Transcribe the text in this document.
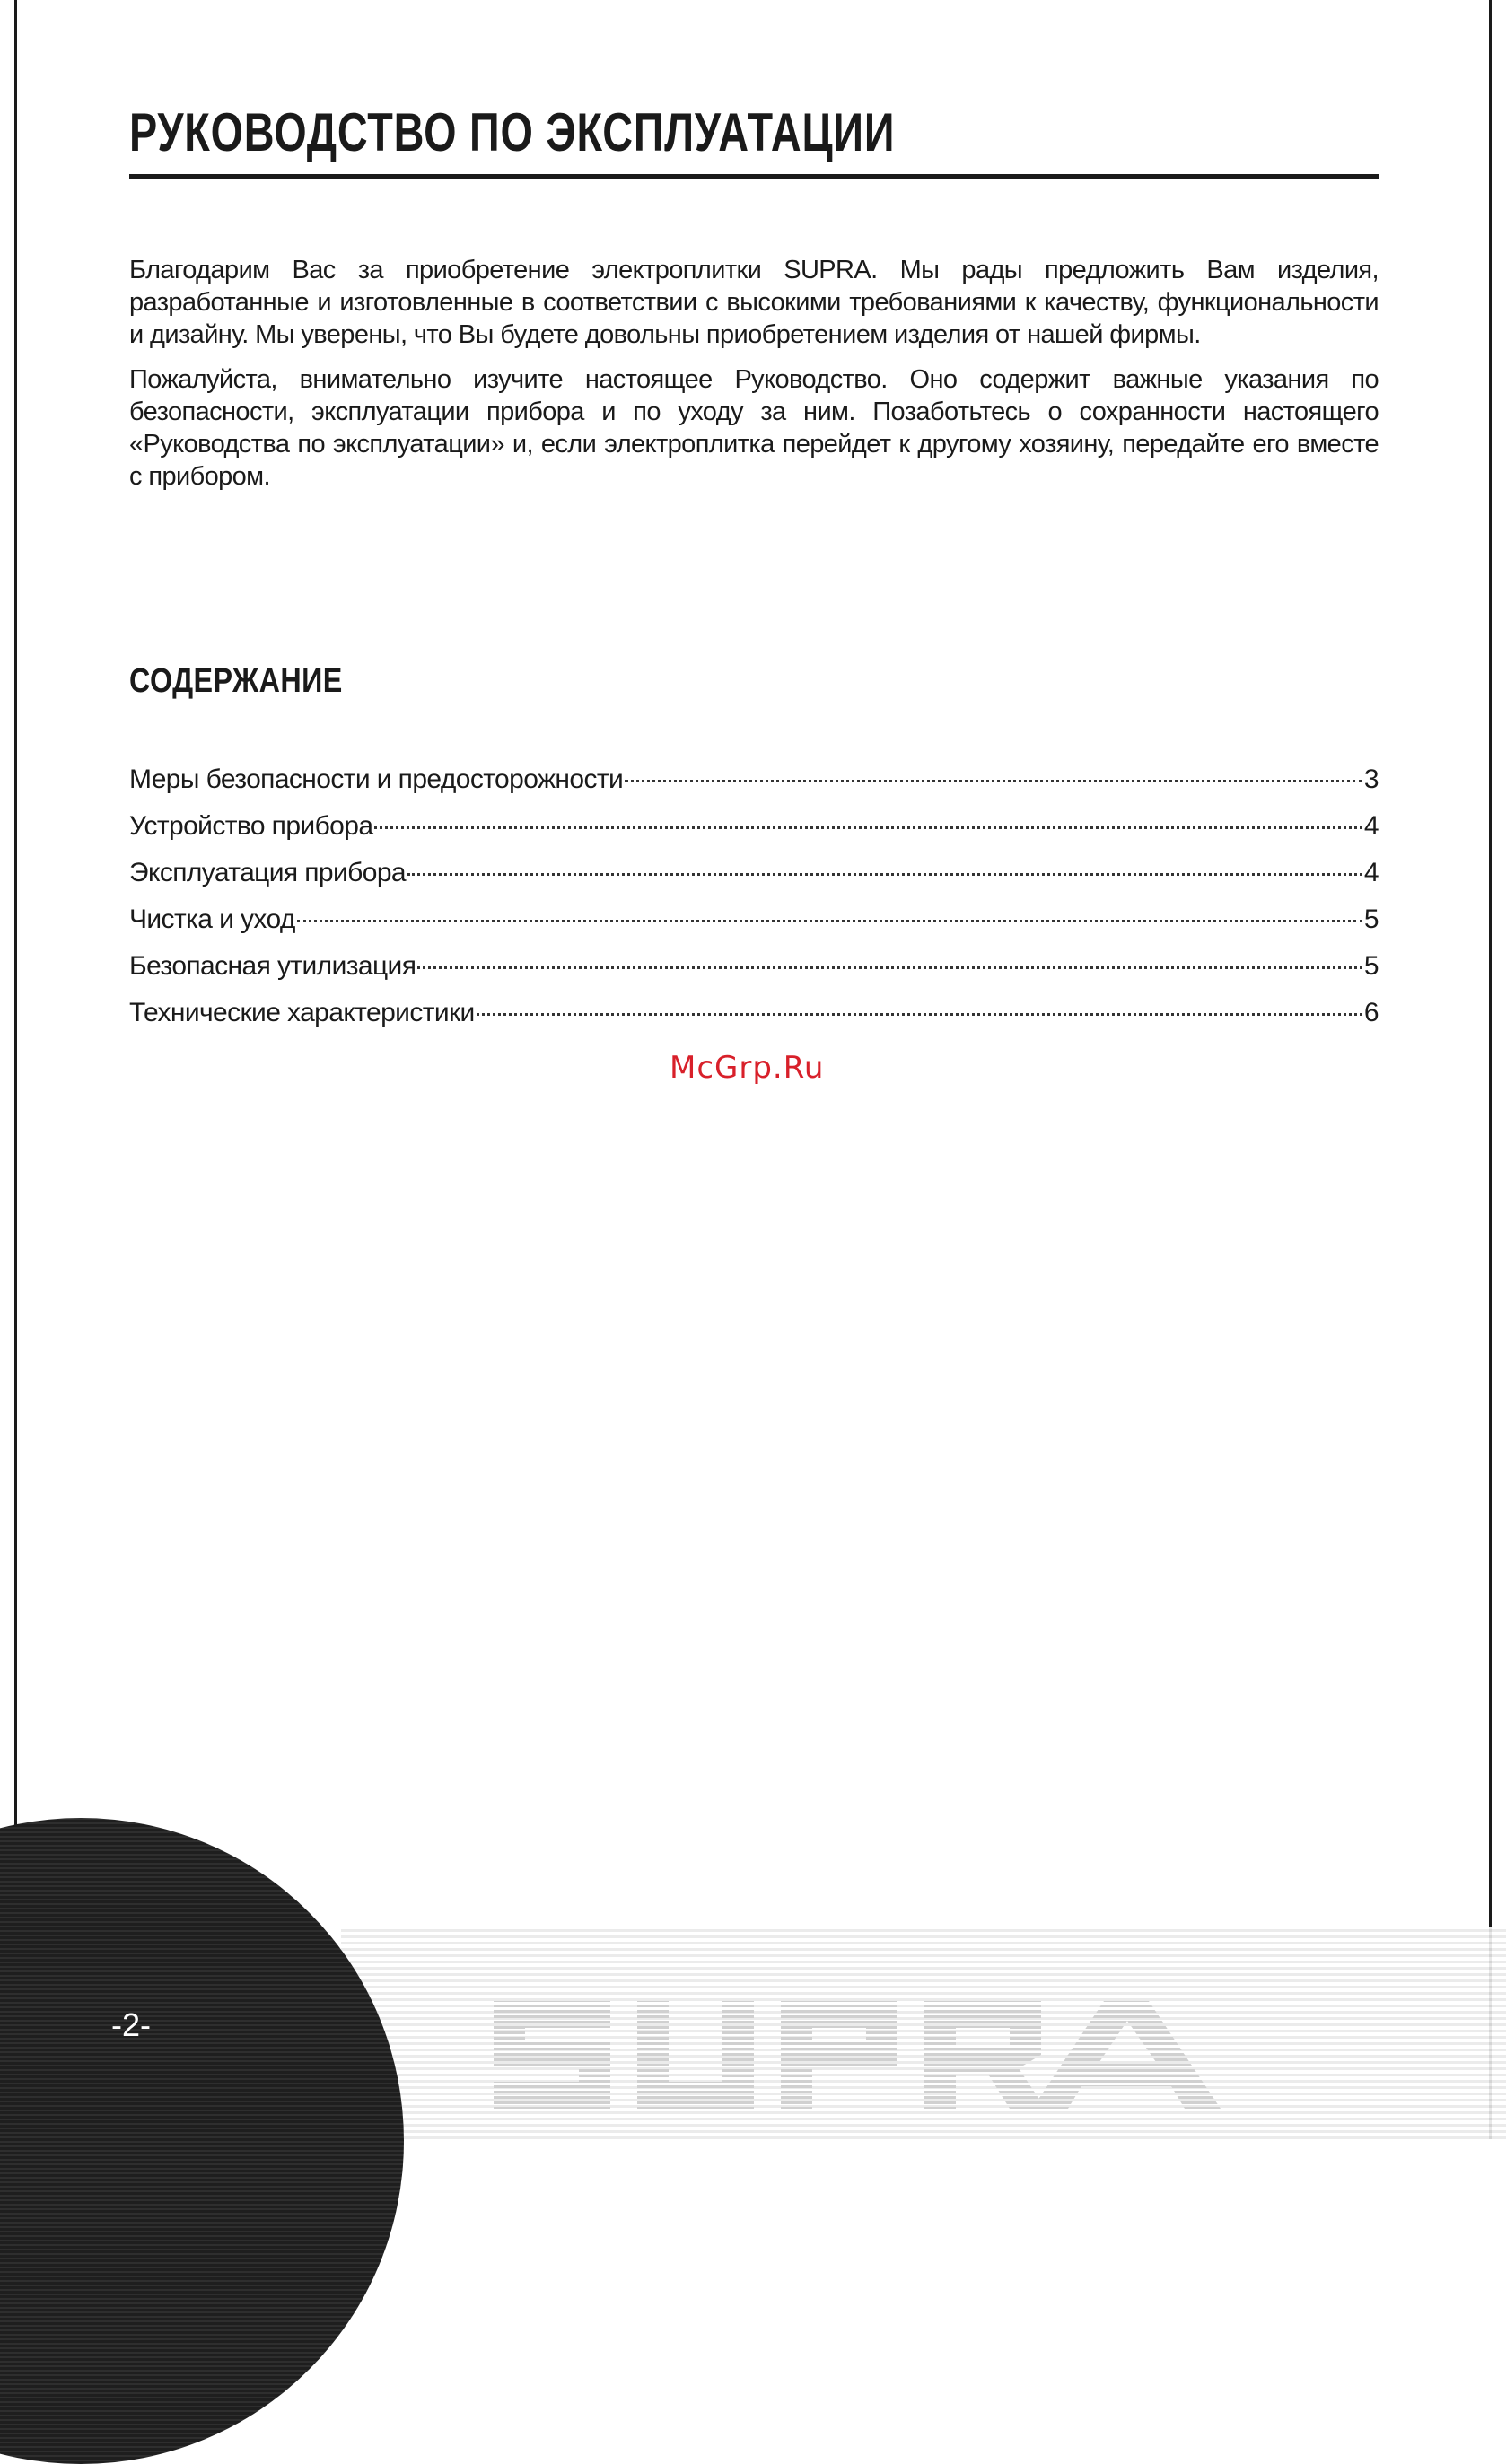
-2-
РУКОВОДСТВО ПО ЭКСПЛУАТАЦИИ

Благодарим Вас за приобретение электроплитки SUPRA. Мы рады предложить Вам изделия, разработанные и изготовленные в соответствии с высокими требованиями к качеству, функциональности и дизайну. Мы уверены, что Вы будете довольны приобретением изделия от нашей фирмы.

Пожалуйста, внимательно изучите настоящее Руководство. Оно содержит важные указания по безопасности, эксплуатации прибора и по уходу за ним. Позаботьтесь о сохранности настоящего «Руководства по эксплуатации» и, если электроплитка перейдет к другому хозяину, передайте его вместе с прибором.

СОДЕРЖАНИЕ
Меры безопасности и предосторожности	3
Устройство прибора	4
Эксплуатация прибора	4
Чистка и уход	5
Безопасная утилизация	5
Технические характеристики	6
McGrp.Ru
